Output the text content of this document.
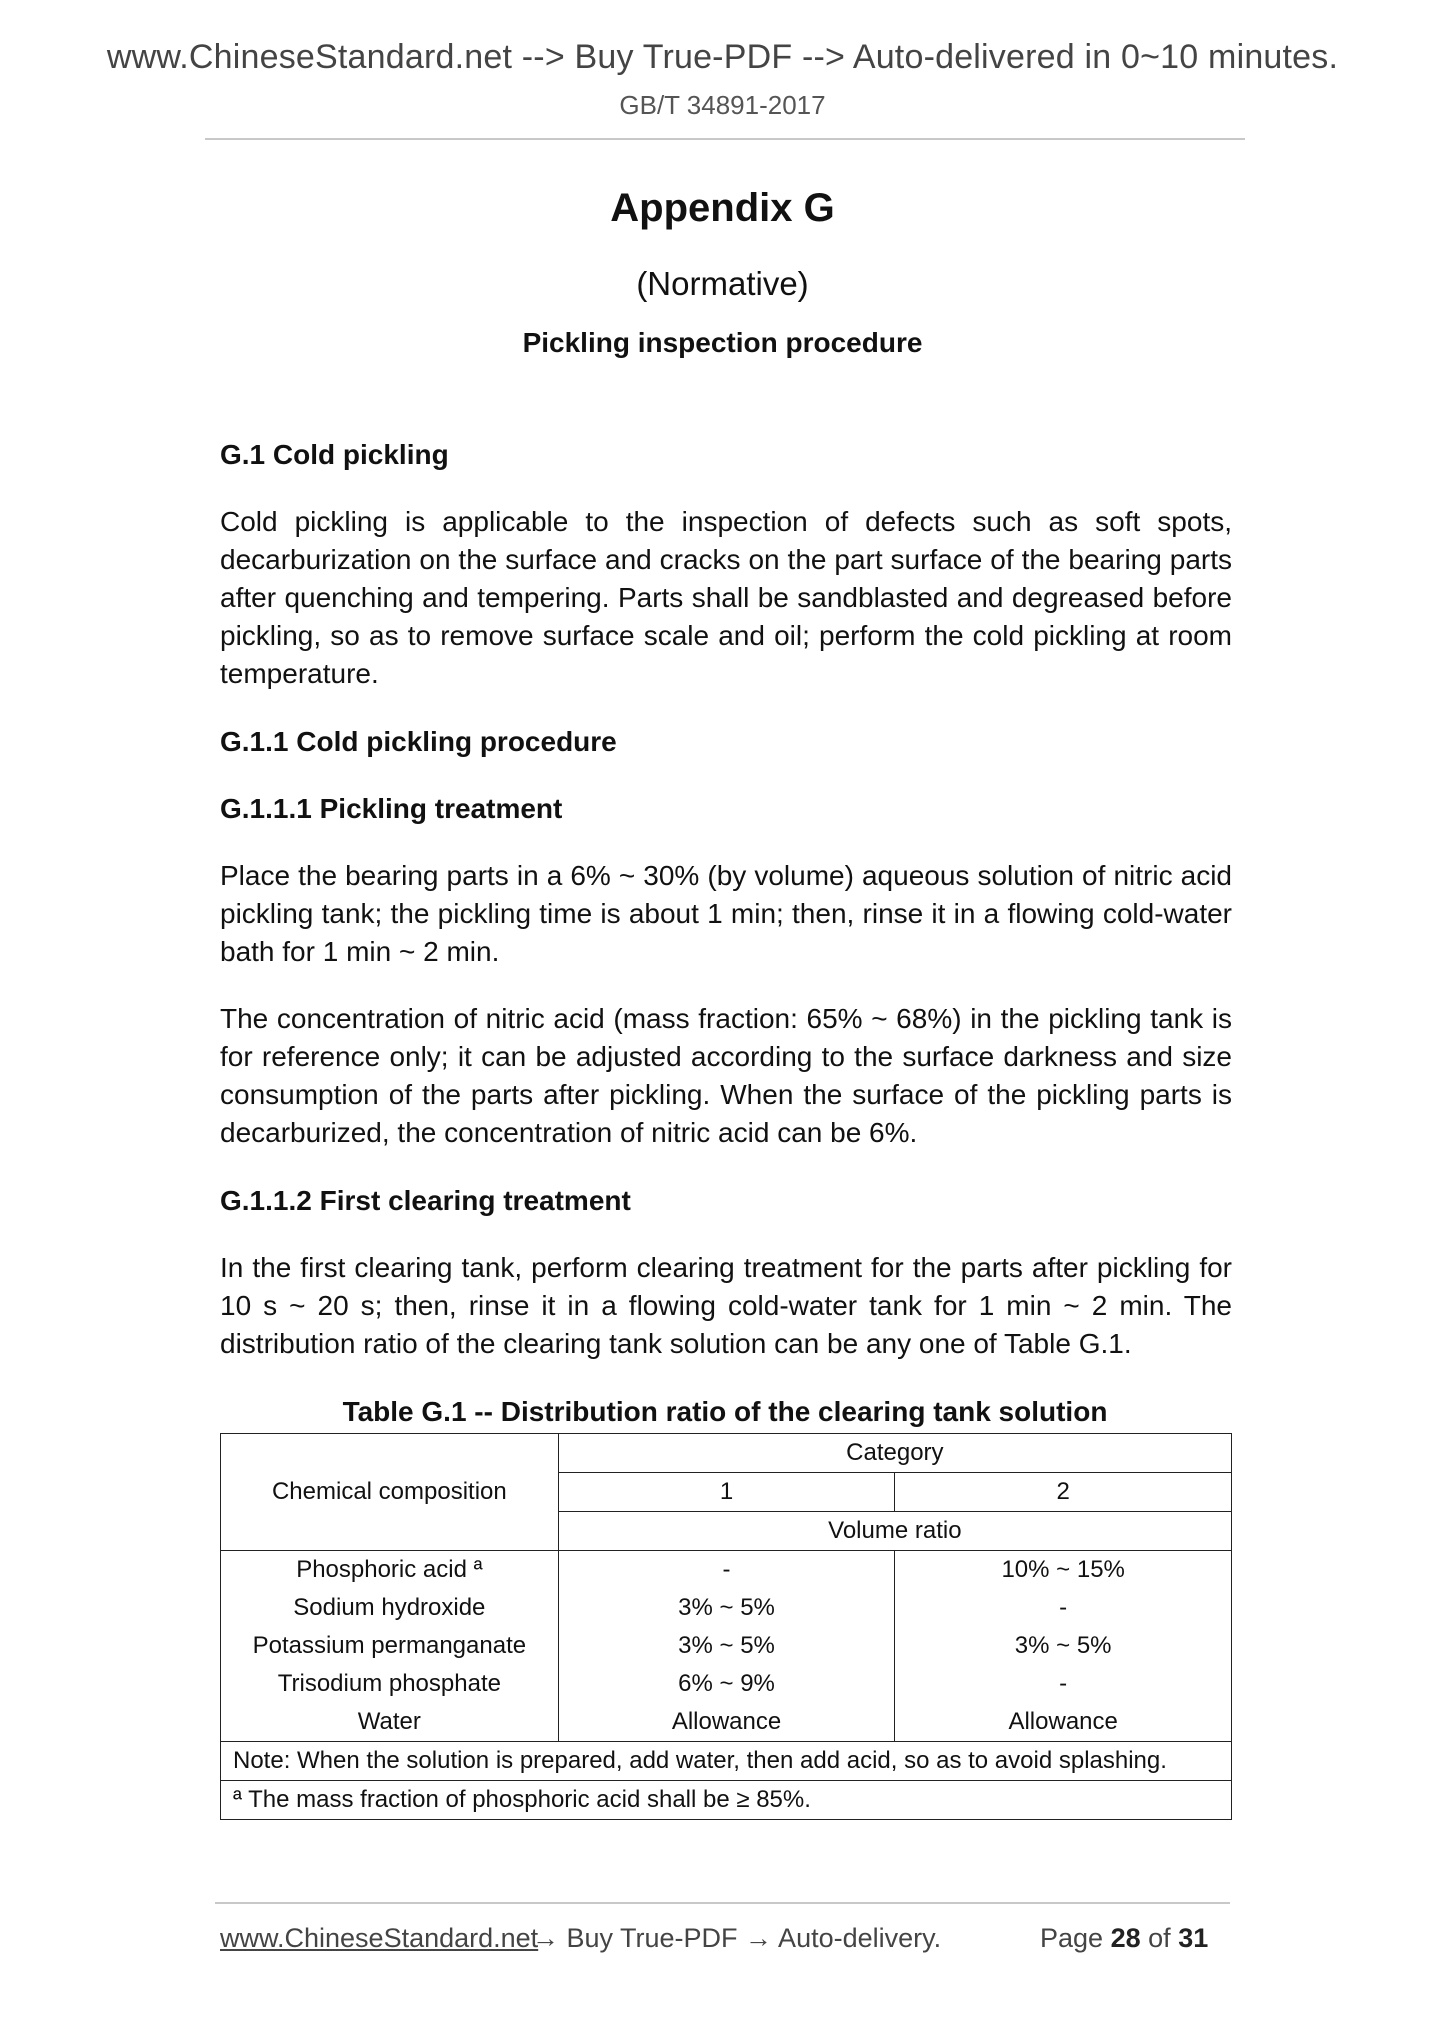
www.ChineseStandard.net --> Buy True-PDF --> Auto-delivered in 0~10 minutes.
GB/T 34891-2017
Appendix G
(Normative)
Pickling inspection procedure

G.1 Cold pickling

Cold pickling is applicable to the inspection of defects such as soft spots, decarburization on the surface and cracks on the part surface of the bearing parts after quenching and tempering. Parts shall be sandblasted and degreased before pickling, so as to remove surface scale and oil; perform the cold pickling at room temperature.

G.1.1 Cold pickling procedure

G.1.1.1 Pickling treatment

Place the bearing parts in a 6% ~ 30% (by volume) aqueous solution of nitric acid pickling tank; the pickling time is about 1 min; then, rinse it in a flowing cold-water bath for 1 min ~ 2 min.

The concentration of nitric acid (mass fraction: 65% ~ 68%) in the pickling tank is for reference only; it can be adjusted according to the surface darkness and size consumption of the parts after pickling. When the surface of the pickling parts is decarburized, the concentration of nitric acid can be 6%.

G.1.1.2 First clearing treatment

In the first clearing tank, perform clearing treatment for the parts after pickling for 10 s ~ 20 s; then, rinse it in a flowing cold-water tank for 1 min ~ 2 min. The distribution ratio of the clearing tank solution can be any one of Table G.1.

Table G.1 -- Distribution ratio of the clearing tank solution
Chemical composition	Category	
	1	2
	Volume ratio	
Phosphoric acid ª	-	10% ~ 15%
Sodium hydroxide	3% ~ 5%	-
Potassium permanganate	3% ~ 5%	3% ~ 5%
Trisodium phosphate	6% ~ 9%	-
Water	Allowance	Allowance
Note: When the solution is prepared, add water, then add acid, so as to avoid splashing.		
ª The mass fraction of phosphoric acid shall be ≥ 85%.		
www.ChineseStandard.net
→ Buy True-PDF → Auto-delivery.	Page 28 of 31
